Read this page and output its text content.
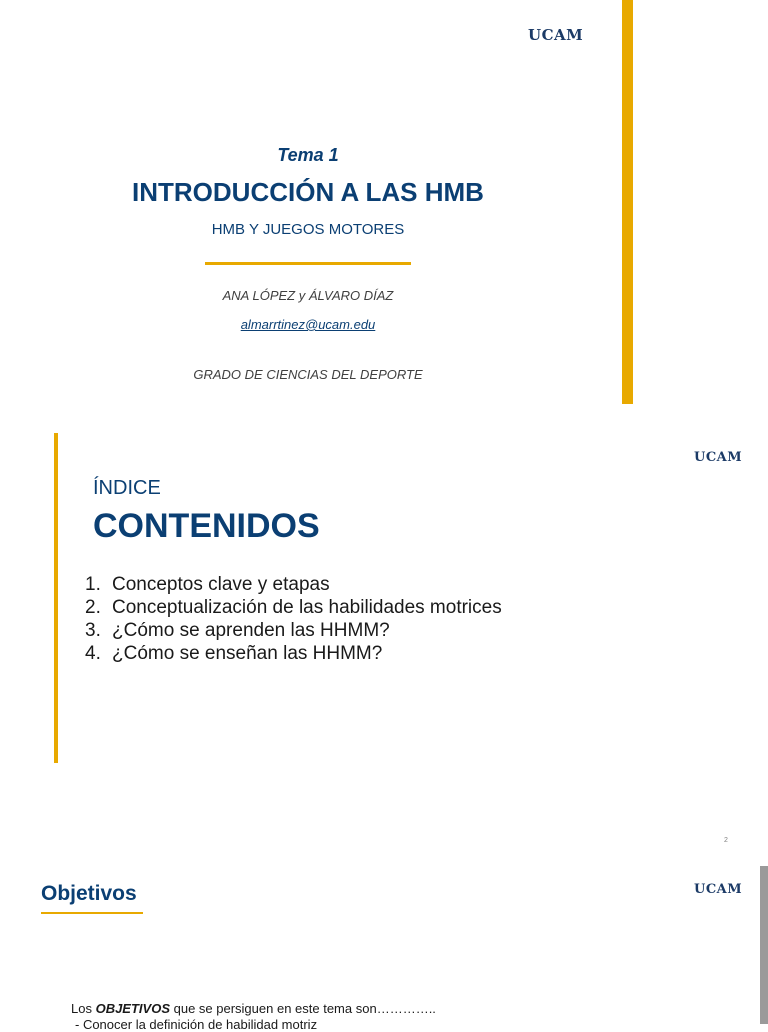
UCAM
Tema 1
INTRODUCCIÓN A LAS HMB
HMB Y JUEGOS MOTORES
ANA LÓPEZ y ÁLVARO DÍAZ
almarrtinez@ucam.edu
GRADO DE CIENCIAS DEL DEPORTE
UCAM
ÍNDICE
CONTENIDOS
1. Conceptos clave y etapas
2. Conceptualización de las habilidades motrices
3. ¿Cómo se aprenden las HHMM?
4. ¿Cómo se enseñan las HHMM?
2
Objetivos	UCAM
Los OBJETIVOS que se persiguen en este tema son…………..
- Conocer la definición de habilidad motriz
